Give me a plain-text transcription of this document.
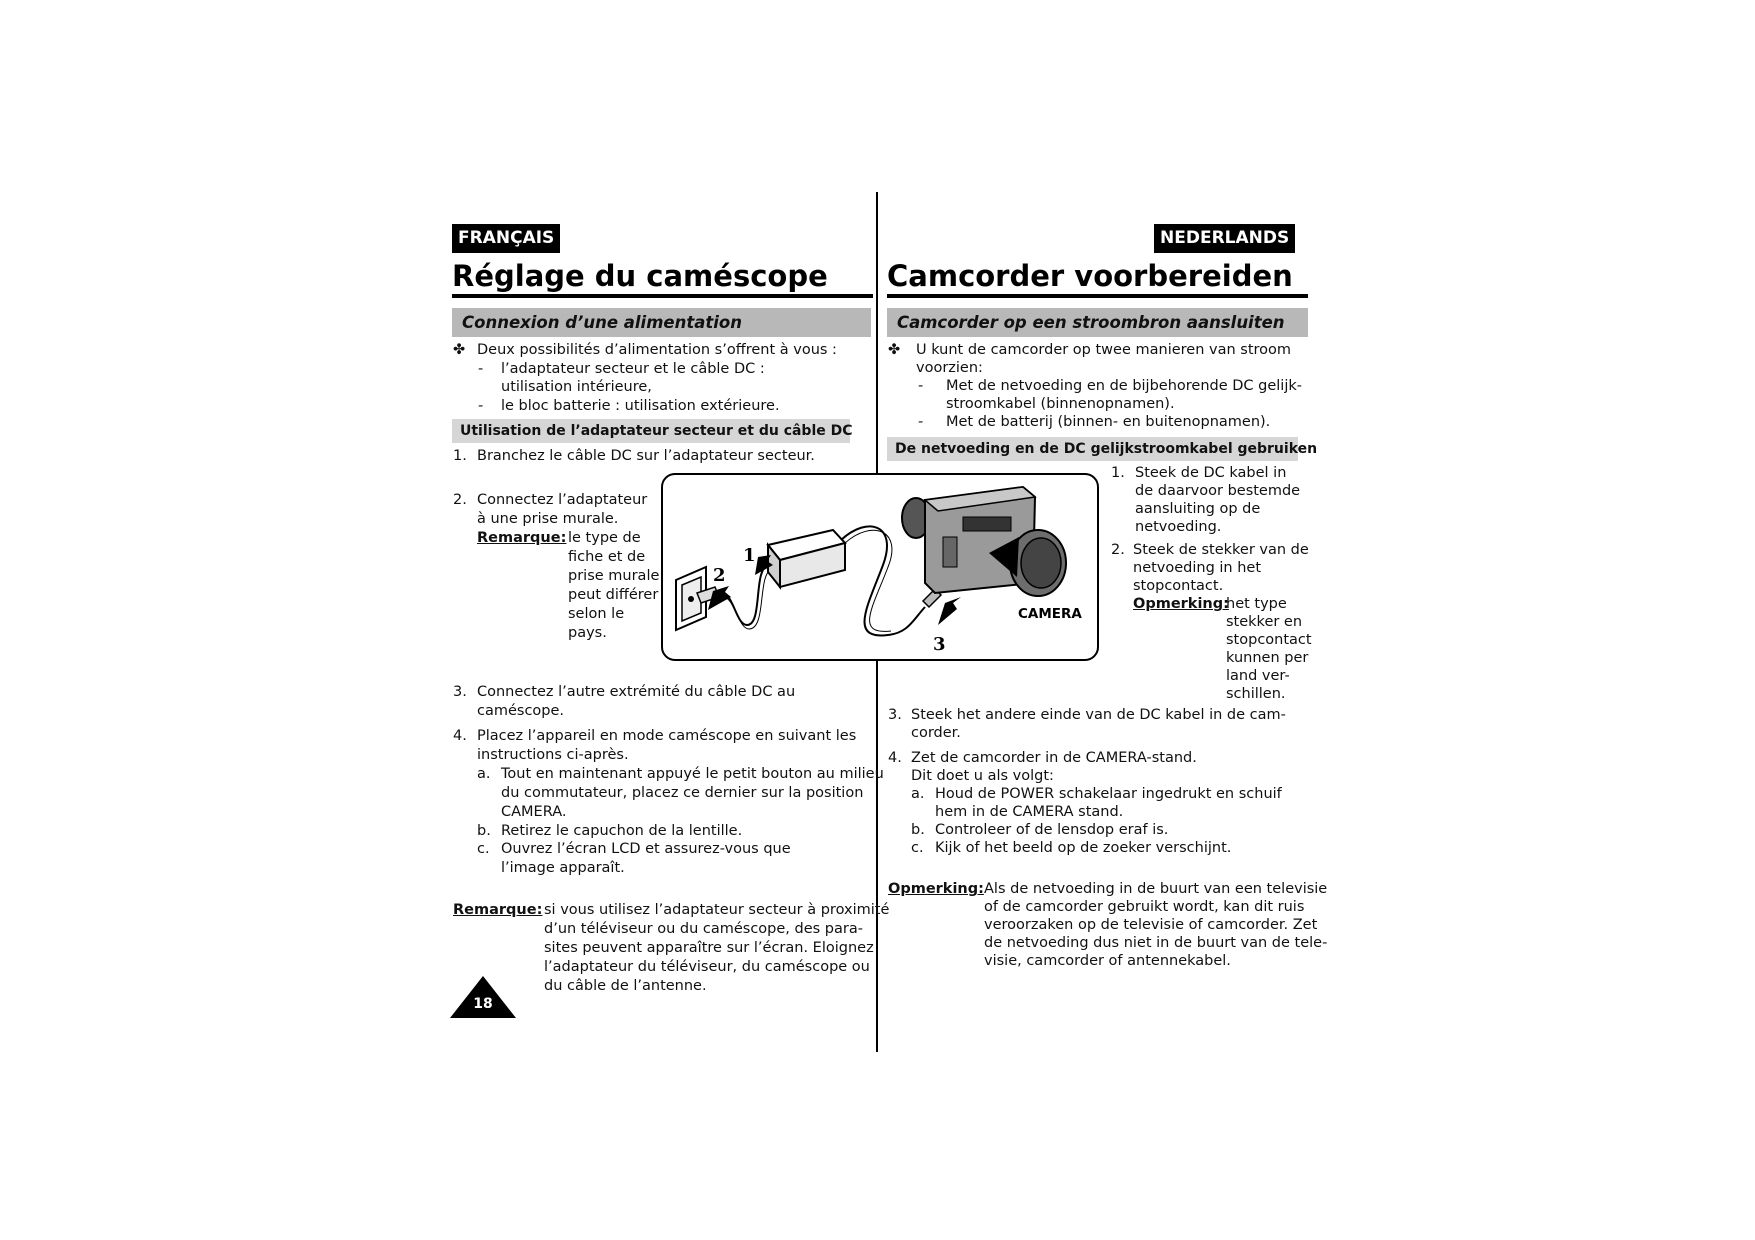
FRANÇAIS	NEDERLANDS
Réglage du caméscope Camcorder voorbereiden
Connexion d’une alimentation
✤ Deux possibilités d’alimentation s’offrent à vous :
- l’adaptateur secteur et le câble DC :
utilisation intérieure,
- le bloc batterie : utilisation extérieure.
Utilisation de l’adaptateur secteur et du câble DC
1. Branchez le câble DC sur l’adaptateur secteur.
2. Connectez l’adaptateur
à une prise murale.
Remarque: le type de
fiche et de
prise murale
peut différer
selon le
pays.
3. Connectez l’autre extrémité du câble DC au
caméscope.
4. Placez l’appareil en mode caméscope en suivant les
instructions ci-après.
a. Tout en maintenant appuyé le petit bouton au milieu
du commutateur, placez ce dernier sur la position
CAMERA.
b. Retirez le capuchon de la lentille.
c. Ouvrez l’écran LCD et assurez-vous que
l’image apparaît.
Remarque: si vous utilisez l’adaptateur secteur à proximité
d’un téléviseur ou du caméscope, des para-
sites peuvent apparaître sur l’écran. Eloignez
l’adaptateur du téléviseur, du caméscope ou
du câble de l’antenne.
18
1
2
3
CAMERA
Camcorder op een stroombron aansluiten
✤ U kunt de camcorder op twee manieren van stroom
voorzien:
- Met de netvoeding en de bijbehorende DC gelijk-
stroomkabel (binnenopnamen).
- Met de batterij (binnen- en buitenopnamen).
De netvoeding en de DC gelijkstroomkabel gebruiken
1. Steek de DC kabel in
de daarvoor bestemde
aansluiting op de
netvoeding.
2. Steek de stekker van de
netvoeding in het
stopcontact.
Opmerking:
het type
stekker en
stopcontact
kunnen per
land ver-
schillen.
3. Steek het andere einde van de DC kabel in de cam-
corder.
4. Zet de camcorder in de CAMERA-stand.
Dit doet u als volgt:
a. Houd de POWER schakelaar ingedrukt en schuif
hem in de CAMERA stand.
b. Controleer of de lensdop eraf is.
c. Kijk of het beeld op de zoeker verschijnt.
Opmerking: Als de netvoeding in de buurt van een televisie
of de camcorder gebruikt wordt, kan dit ruis
veroorzaken op de televisie of camcorder. Zet
de netvoeding dus niet in de buurt van de tele-
visie, camcorder of antennekabel.
